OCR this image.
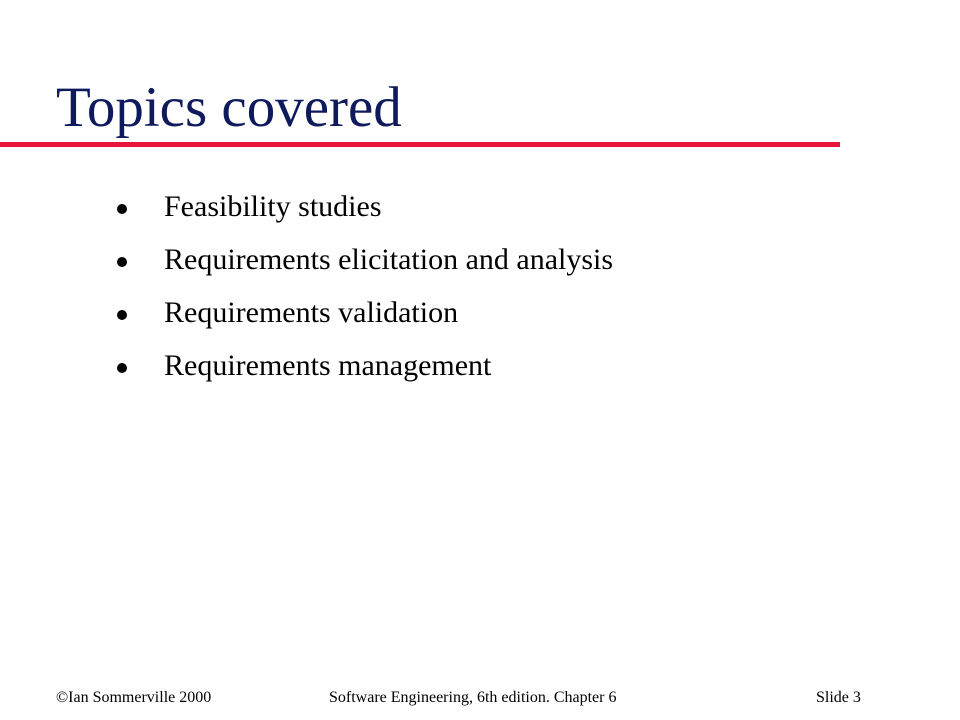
Topics covered
Feasibility studies
Requirements elicitation and analysis
Requirements validation
Requirements management
©Ian Sommerville 2000	Software Engineering, 6th edition. Chapter 6	Slide 3
